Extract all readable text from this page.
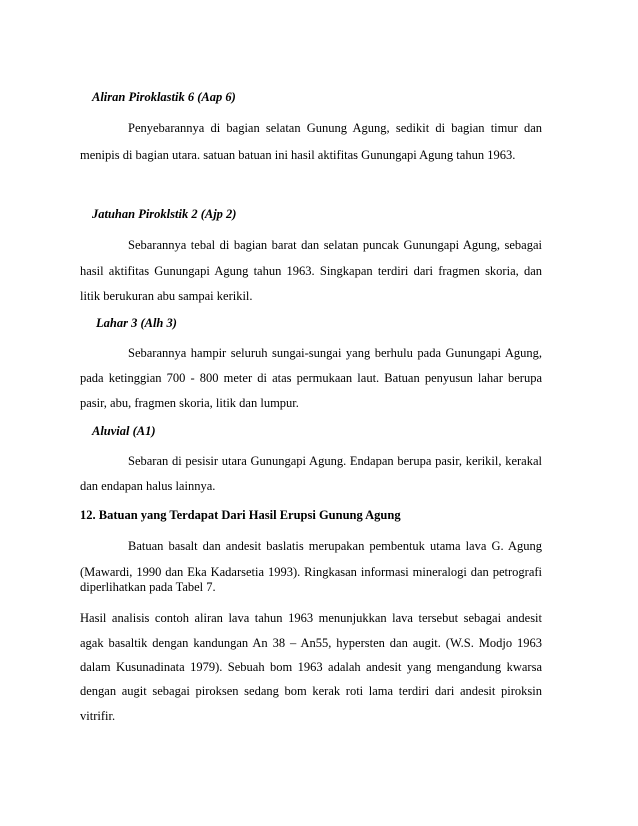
Aliran Piroklastik 6 (Aap 6)
Penyebarannya di bagian selatan Gunung Agung, sedikit di bagian timur dan
menipis di bagian utara. satuan batuan ini hasil aktifitas Gunungapi Agung tahun 1963.
Jatuhan Piroklstik 2 (Ajp 2)
Sebarannya tebal di bagian barat dan selatan puncak Gunungapi Agung, sebagai
hasil aktifitas Gunungapi Agung tahun 1963. Singkapan terdiri dari fragmen skoria, dan
litik berukuran abu sampai kerikil.
Lahar 3 (Alh 3)
Sebarannya hampir seluruh sungai-sungai yang berhulu pada Gunungapi Agung,
pada ketinggian 700 - 800 meter di atas permukaan laut. Batuan penyusun lahar berupa
pasir, abu, fragmen skoria, litik dan lumpur.
Aluvial (A1)
Sebaran di pesisir utara Gunungapi Agung. Endapan berupa pasir, kerikil, kerakal
dan endapan halus lainnya.
12. Batuan yang Terdapat Dari Hasil Erupsi Gunung Agung
Batuan basalt dan andesit baslatis merupakan pembentuk utama lava G. Agung
(Mawardi, 1990 dan Eka Kadarsetia 1993). Ringkasan informasi mineralogi dan petrografi
diperlihatkan pada Tabel 7.
Hasil analisis contoh aliran lava tahun 1963 menunjukkan lava tersebut sebagai andesit
agak basaltik dengan kandungan An 38 – An55, hypersten dan augit. (W.S. Modjo 1963
dalam Kusunadinata 1979). Sebuah bom 1963 adalah andesit yang mengandung kwarsa
dengan augit sebagai piroksen sedang bom kerak roti lama terdiri dari andesit piroksin
vitrifir.
